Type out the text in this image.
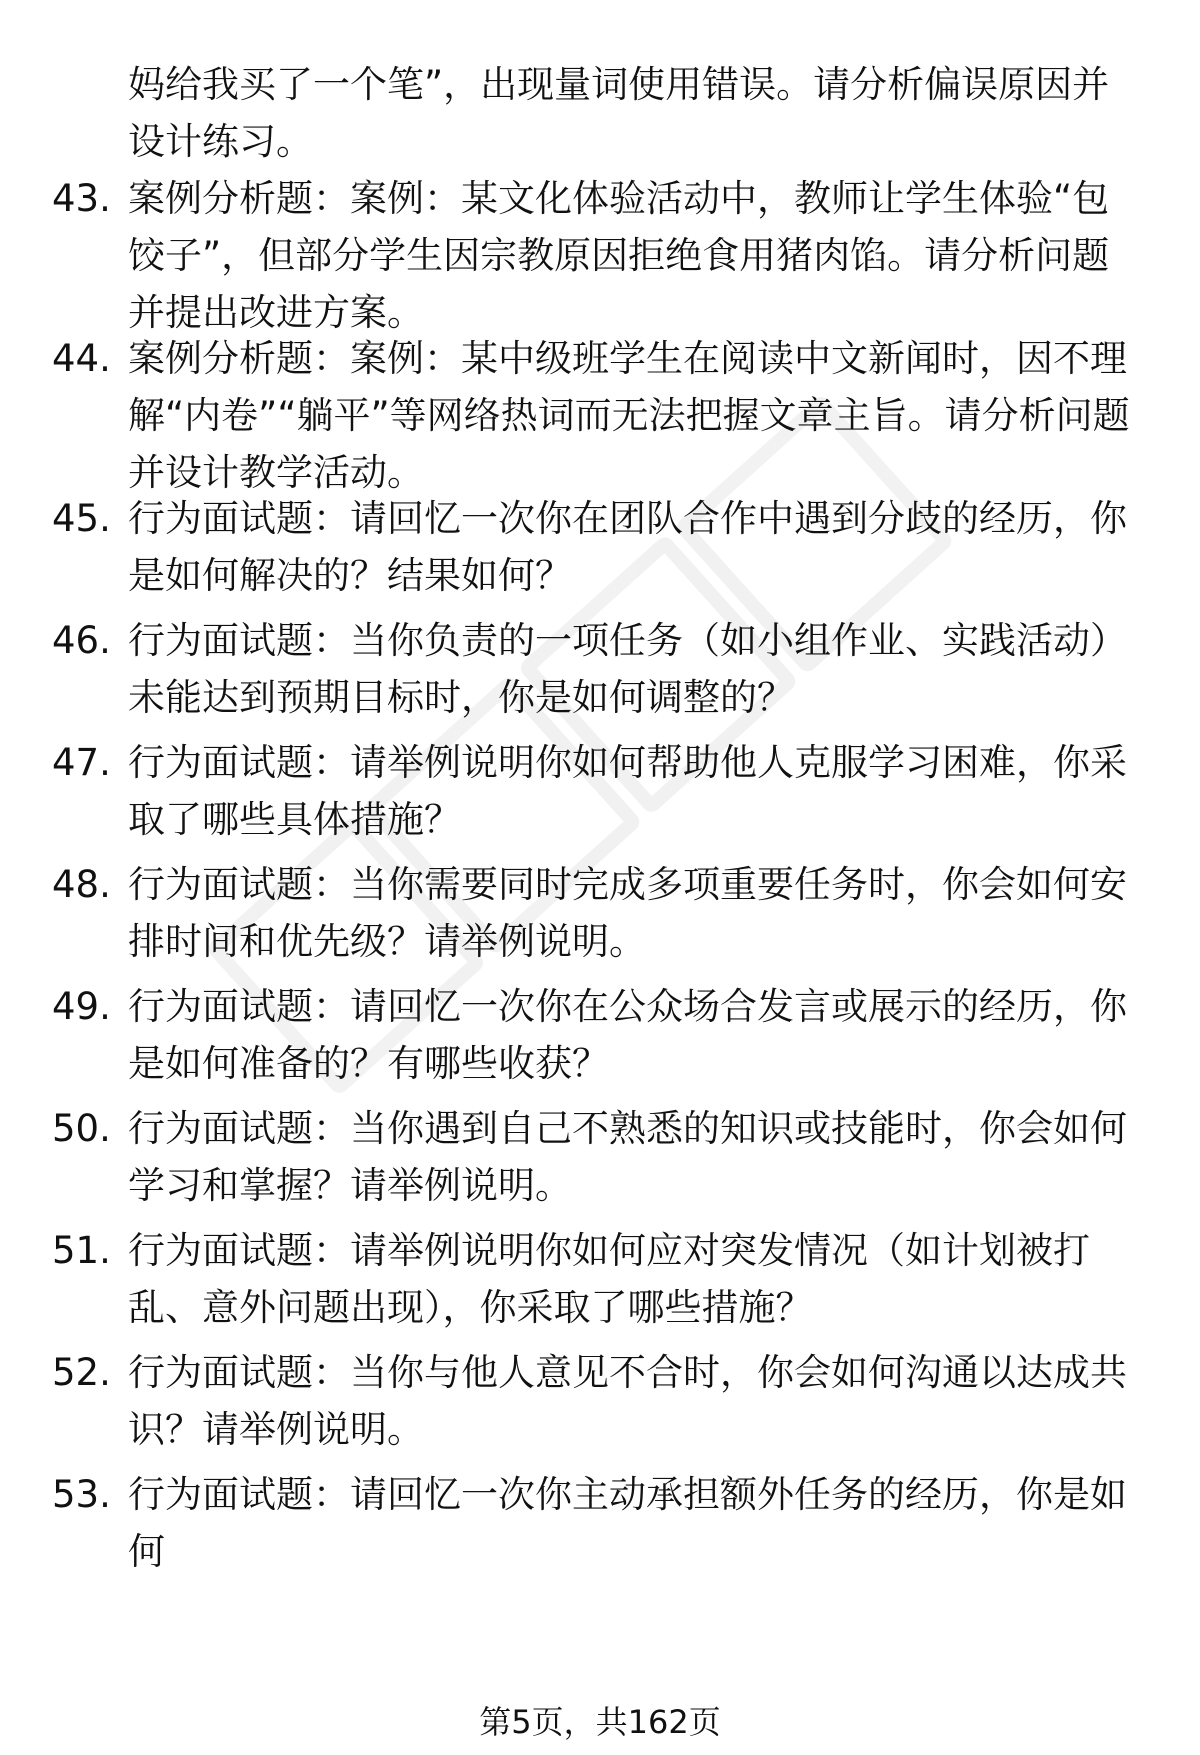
妈给我买了一个笔”，出现量词使用错误。请分析偏误原因并设计练习。

43. 案例分析题：案例：某文化体验活动中，教师让学生体验“包饺子”，但部分学生因宗教原因拒绝食用猪肉馅。请分析问题并提出改进方案。

44. 案例分析题：案例：某中级班学生在阅读中文新闻时，因不理解“内卷”“躺平”等网络热词而无法把握文章主旨。请分析问题并设计教学活动。

45. 行为面试题：请回忆一次你在团队合作中遇到分歧的经历，你是如何解决的？结果如何？

46. 行为面试题：当你负责的一项任务（如小组作业、实践活动）未能达到预期目标时，你是如何调整的？

47. 行为面试题：请举例说明你如何帮助他人克服学习困难，你采取了哪些具体措施？

48. 行为面试题：当你需要同时完成多项重要任务时，你会如何安排时间和优先级？请举例说明。

49. 行为面试题：请回忆一次你在公众场合发言或展示的经历，你是如何准备的？有哪些收获？

50. 行为面试题：当你遇到自己不熟悉的知识或技能时，你会如何学习和掌握？请举例说明。

51. 行为面试题：请举例说明你如何应对突发情况（如计划被打乱、意外问题出现），你采取了哪些措施？

52. 行为面试题：当你与他人意见不合时，你会如何沟通以达成共识？请举例说明。

53. 行为面试题：请回忆一次你主动承担额外任务的经历，你是如何

第5页，共162页
